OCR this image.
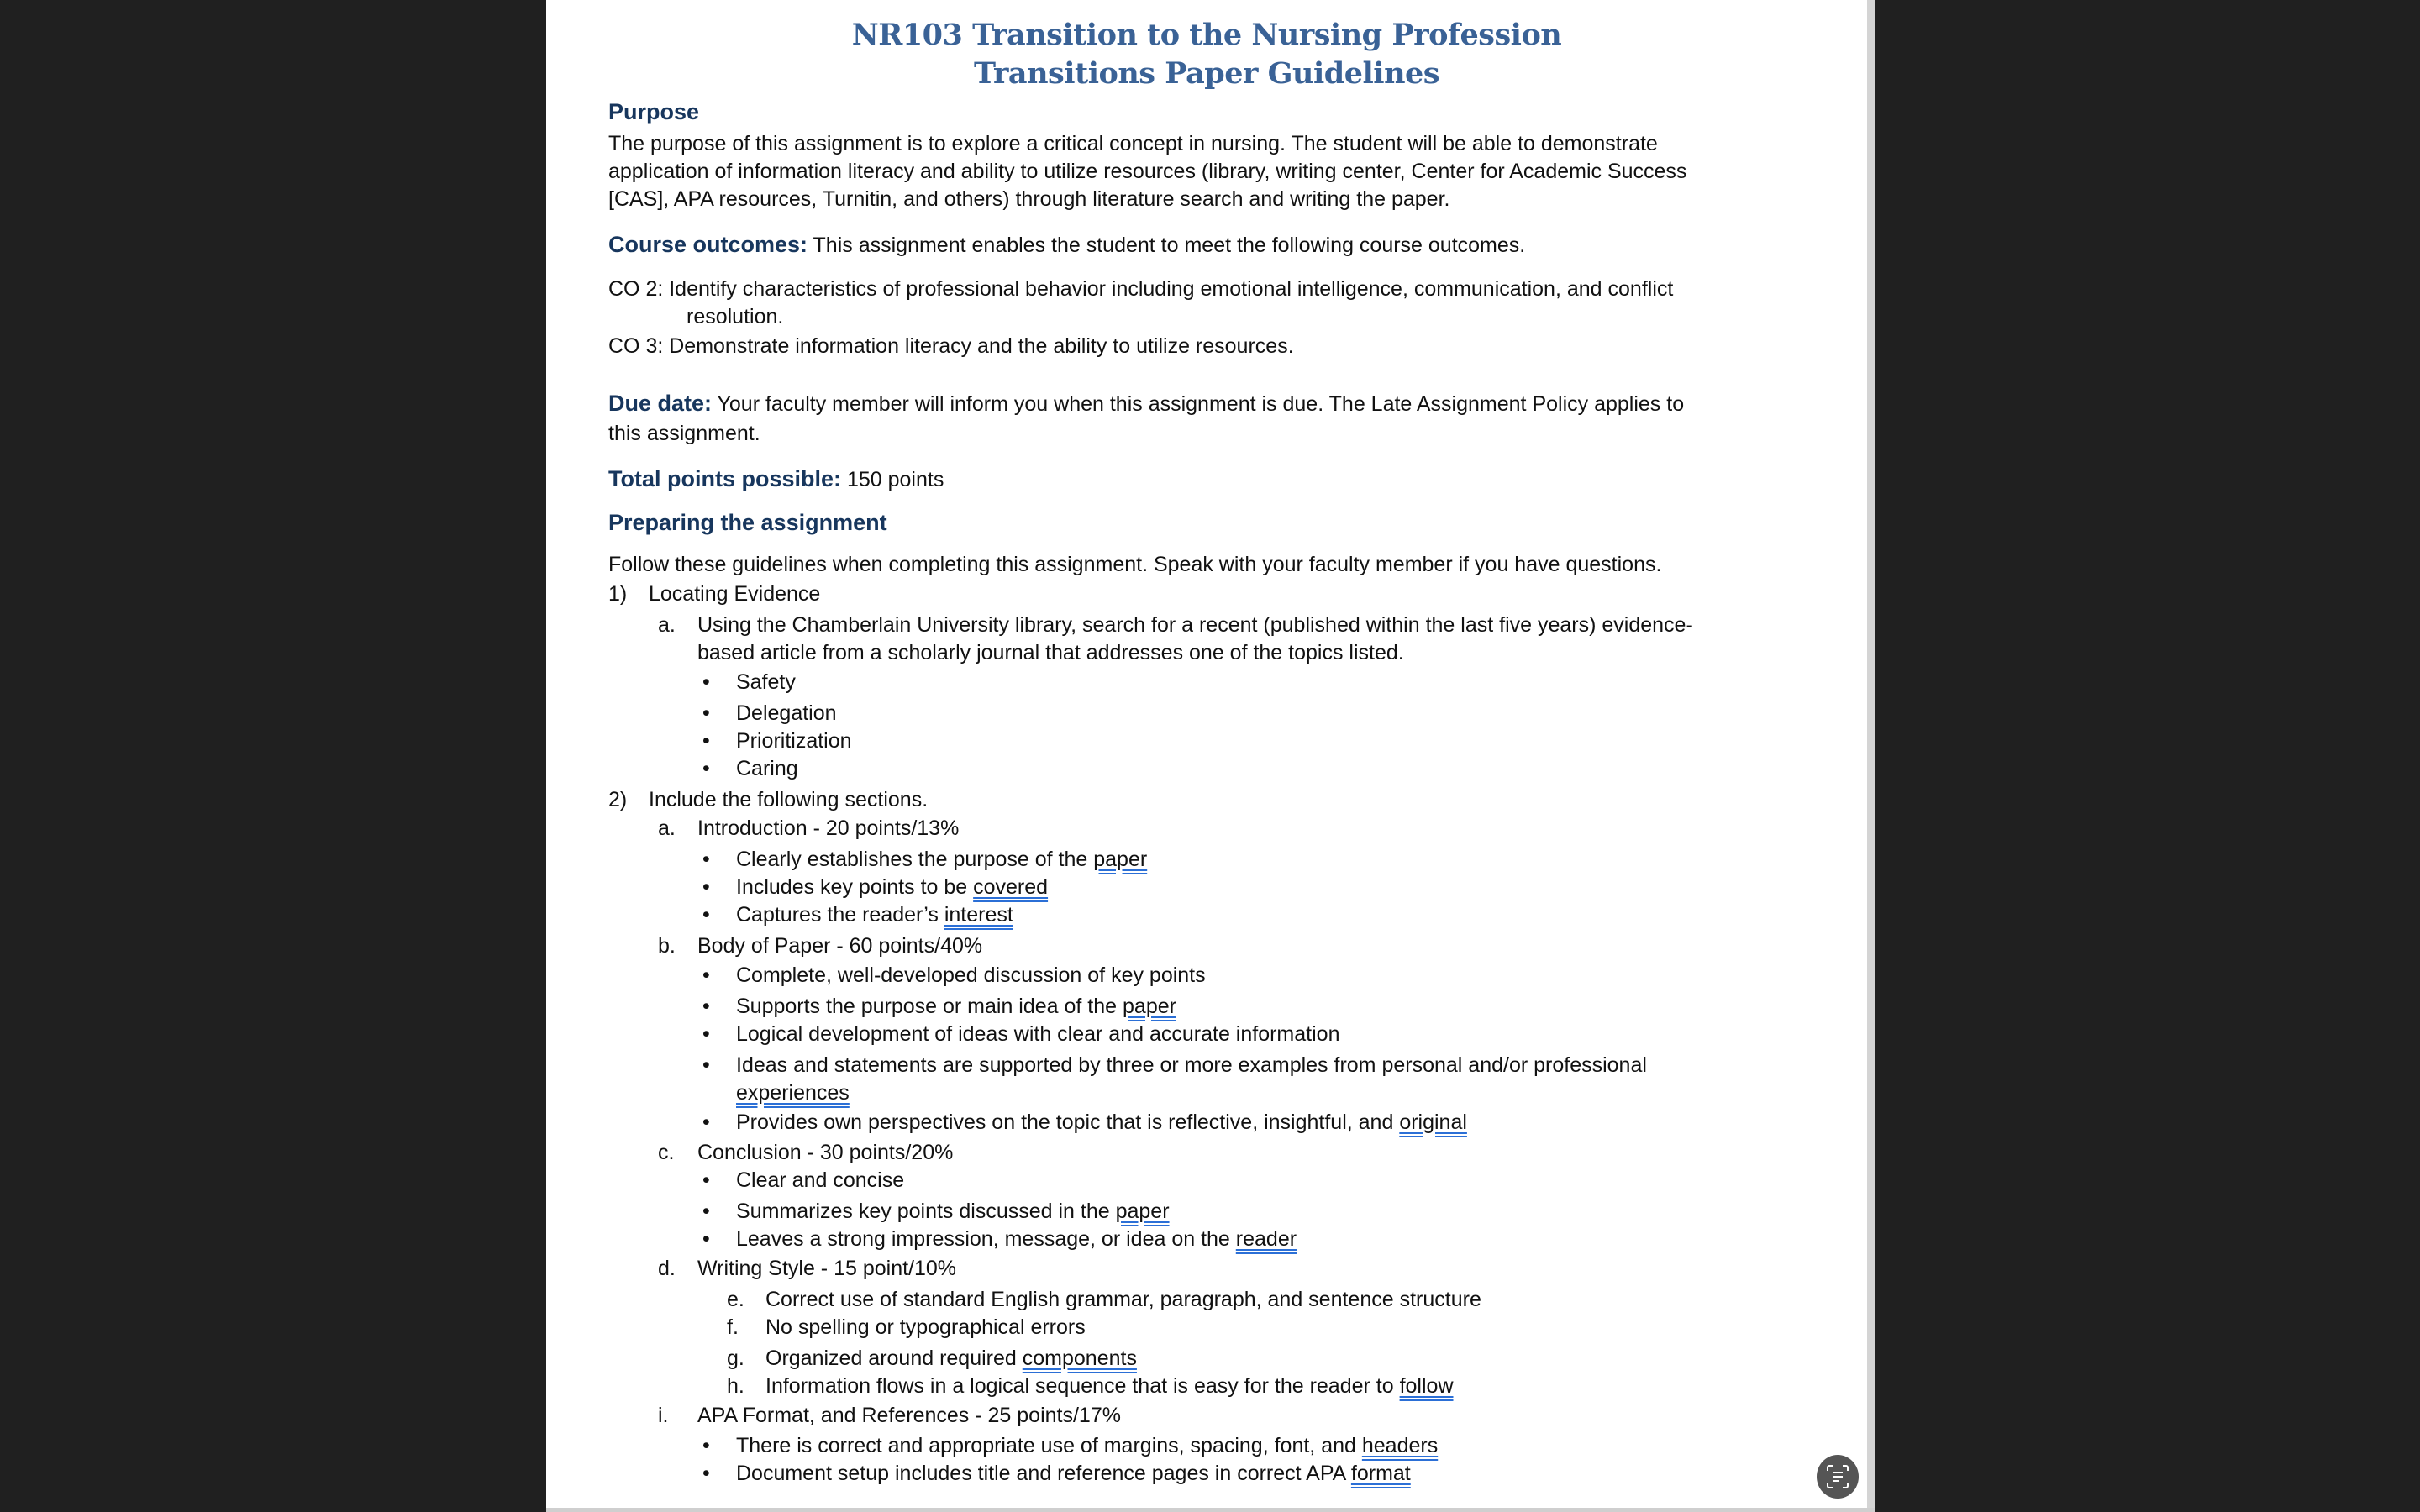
NR103 Transition to the Nursing Profession
Transitions Paper Guidelines
Purpose
The purpose of this assignment is to explore a critical concept in nursing. The student will be able to demonstrate
application of information literacy and ability to utilize resources (library, writing center, Center for Academic Success
[CAS], APA resources, Turnitin, and others) through literature search and writing the paper.
Course outcomes: This assignment enables the student to meet the following course outcomes.
CO 2: Identify characteristics of professional behavior including emotional intelligence, communication, and conflict
resolution.
CO 3: Demonstrate information literacy and the ability to utilize resources.
Due date: Your faculty member will inform you when this assignment is due. The Late Assignment Policy applies to
this assignment.
Total points possible: 150 points
Preparing the assignment
Follow these guidelines when completing this assignment. Speak with your faculty member if you have questions.
1) Locating Evidence
a. Using the Chamberlain University library, search for a recent (published within the last five years) evidence-
based article from a scholarly journal that addresses one of the topics listed.
• Safety
• Delegation
• Prioritization
• Caring
2) Include the following sections.
a. Introduction - 20 points/13%
• Clearly establishes the purpose of the paper
• Includes key points to be covered
• Captures the reader’s interest
b. Body of Paper - 60 points/40%
• Complete, well-developed discussion of key points
• Supports the purpose or main idea of the paper
• Logical development of ideas with clear and accurate information
• Ideas and statements are supported by three or more examples from personal and/or professional
experiences
• Provides own perspectives on the topic that is reflective, insightful, and original
c. Conclusion - 30 points/20%
• Clear and concise
• Summarizes key points discussed in the paper
• Leaves a strong impression, message, or idea on the reader
d. Writing Style - 15 point/10%
e. Correct use of standard English grammar, paragraph, and sentence structure
f. No spelling or typographical errors
g. Organized around required components
h. Information flows in a logical sequence that is easy for the reader to follow
i. APA Format, and References - 25 points/17%
• There is correct and appropriate use of margins, spacing, font, and headers
• Document setup includes title and reference pages in correct APA format
